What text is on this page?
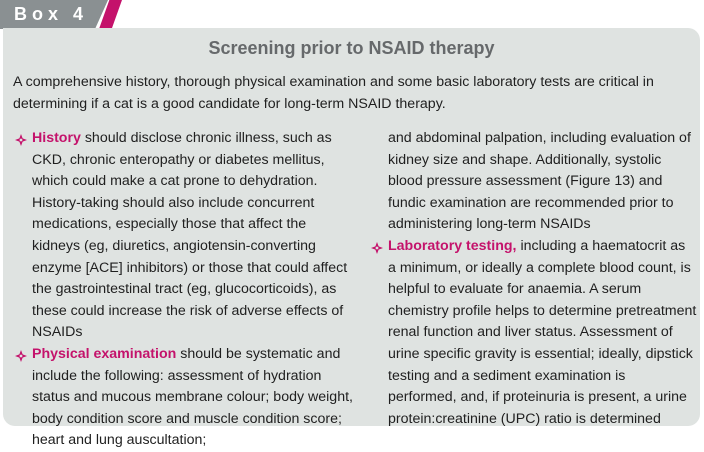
Box 4
Screening prior to NSAID therapy
A comprehensive history, thorough physical examination and some basic laboratory tests are critical in determining if a cat is a good candidate for long-term NSAID therapy.
History should disclose chronic illness, such as CKD, chronic enteropathy or diabetes mellitus, which could make a cat prone to dehydration. History-taking should also include concurrent medications, especially those that affect the kidneys (eg, diuretics, angiotensin-converting enzyme [ACE] inhibitors) or those that could affect the gastrointestinal tract (eg, glucocorticoids), as these could increase the risk of adverse effects of NSAIDs
Physical examination should be systematic and include the following: assessment of hydration status and mucous membrane colour; body weight, body condition score and muscle condition score; heart and lung auscultation;
and abdominal palpation, including evaluation of kidney size and shape. Additionally, systolic blood pressure assessment (Figure 13) and fundic examination are recommended prior to administering long-term NSAIDs
Laboratory testing, including a haematocrit as a minimum, or ideally a complete blood count, is helpful to evaluate for anaemia. A serum chemistry profile helps to determine pretreatment renal function and liver status. Assessment of urine specific gravity is essential; ideally, dipstick testing and a sediment examination is performed, and, if proteinuria is present, a urine protein:creatinine (UPC) ratio is determined
